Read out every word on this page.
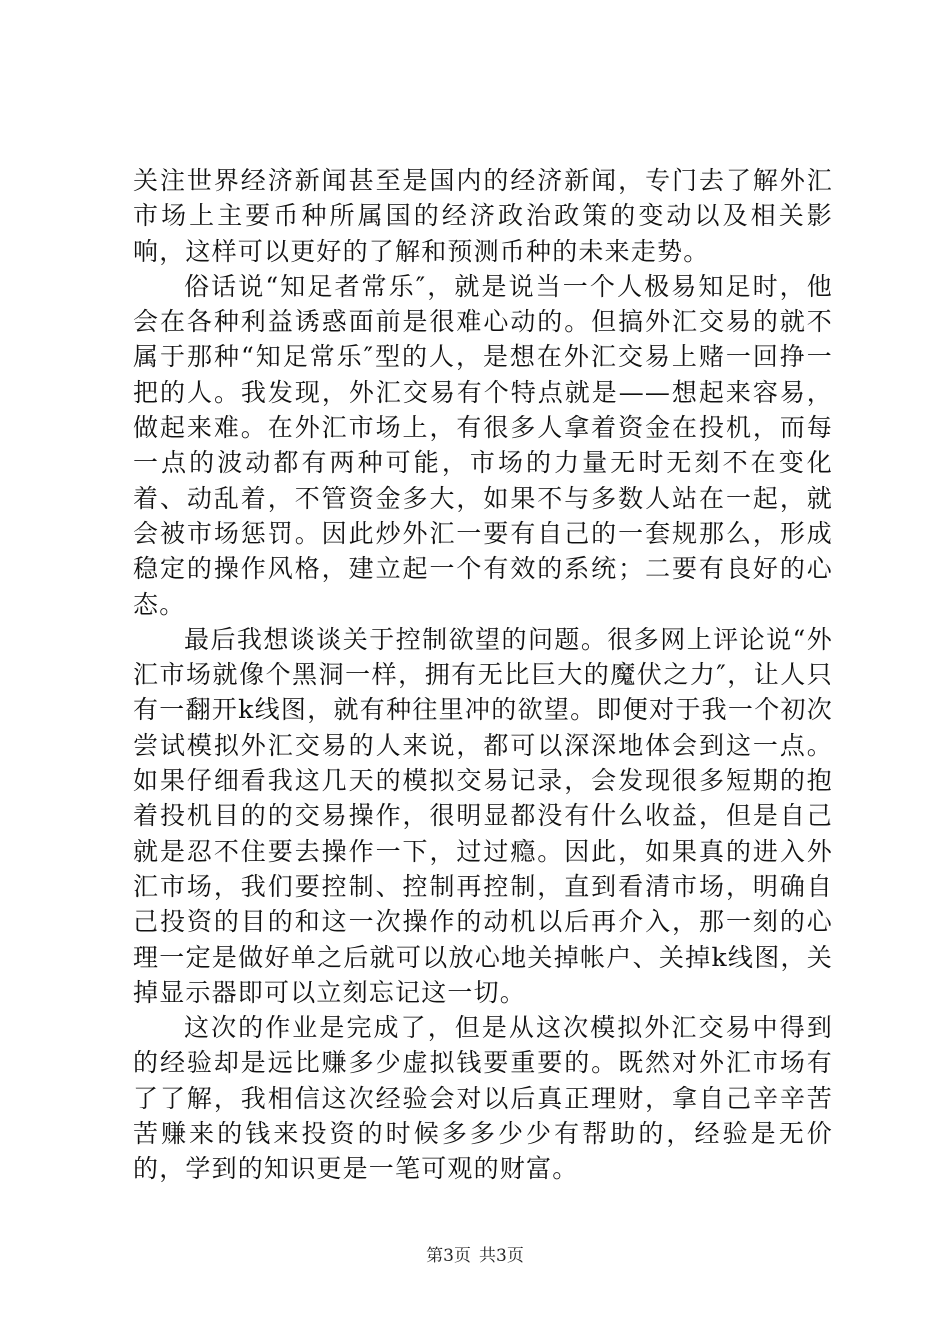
关注世界经济新闻甚至是国内的经济新闻，专门去了解外汇市场上主要币种所属国的经济政治政策的变动以及相关影响，这样可以更好的了解和预测币种的未来走势。

俗话说“知足者常乐″，就是说当一个人极易知足时，他会在各种利益诱惑面前是很难心动的。但搞外汇交易的就不属于那种“知足常乐″型的人，是想在外汇交易上赌一回挣一把的人。我发现，外汇交易有个特点就是——想起来容易，做起来难。在外汇市场上，有很多人拿着资金在投机，而每一点的波动都有两种可能，市场的力量无时无刻不在变化着、动乱着，不管资金多大，如果不与多数人站在一起，就会被市场惩罚。因此炒外汇一要有自己的一套规那么，形成稳定的操作风格，建立起一个有效的系统；二要有良好的心态。

最后我想谈谈关于控制欲望的问题。很多网上评论说“外汇市场就像个黑洞一样，拥有无比巨大的魔伏之力″，让人只有一翻开k线图，就有种往里冲的欲望。即便对于我一个初次尝试模拟外汇交易的人来说，都可以深深地体会到这一点。如果仔细看我这几天的模拟交易记录，会发现很多短期的抱着投机目的的交易操作，很明显都没有什么收益，但是自己就是忍不住要去操作一下，过过瘾。因此，如果真的进入外汇市场，我们要控制、控制再控制，直到看清市场，明确自己投资的目的和这一次操作的动机以后再介入，那一刻的心理一定是做好单之后就可以放心地关掉帐户、关掉k线图，关掉显示器即可以立刻忘记这一切。

这次的作业是完成了，但是从这次模拟外汇交易中得到的经验却是远比赚多少虚拟钱要重要的。既然对外汇市场有了了解，我相信这次经验会对以后真正理财，拿自己辛辛苦苦赚来的钱来投资的时候多多少少有帮助的，经验是无价的，学到的知识更是一笔可观的财富。

第3页 共3页
